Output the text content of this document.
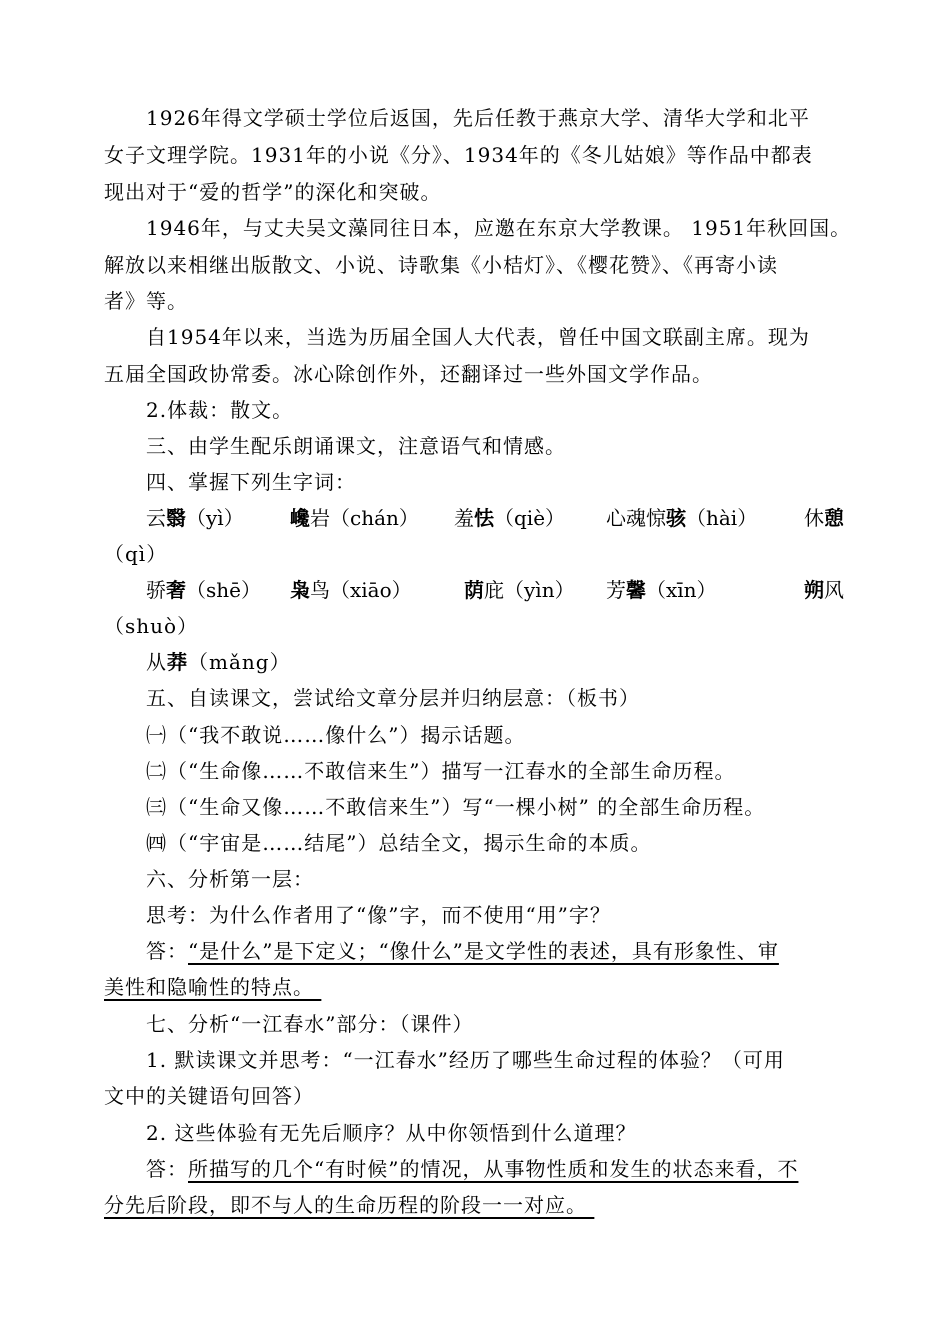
1926年得文学硕士学位后返国，先后任教于燕京大学、清华大学和北平
女子文理学院。1931年的小说《分》、1934年的《冬儿姑娘》等作品中都表
现出对于“爱的哲学”的深化和突破。
1946年，与丈夫吴文藻同往日本，应邀在东京大学教课。 1951年秋回国。
解放以来相继出版散文、小说、诗歌集《小桔灯》、《樱花赞》、《再寄小读
者》等。
自1954年以来，当选为历届全国人大代表，曾任中国文联副主席。现为
五届全国政协常委。冰心除创作外，还翻译过一些外国文学作品。
2.体裁：散文。
三、由学生配乐朗诵课文，注意语气和情感。
四、掌握下列生字词：
云翳（yì） 巉岩（chán） 羞怯（qiè） 心魂惊骇（hài） 休憩
（qì）
骄奢（shē） 枭鸟（xiāo）	荫庇（yìn） 芳馨（xīn）	朔风
（shuò）
从莽（mǎng）
五、自读课文，尝试给文章分层并归纳层意：（板书）
㈠（“我不敢说……像什么”）揭示话题。
㈡（“生命像……不敢信来生”）描写一江春水的全部生命历程。
㈢（“生命又像……不敢信来生”）写“一棵小树” 的全部生命历程。
㈣（“宇宙是……结尾”）总结全文，揭示生命的本质。
六、分析第一层：
思考：为什么作者用了“像”字，而不使用“用”字？
答：“是什么”是下定义；“像什么”是文学性的表述，具有形象性、审
美性和隐喻性的特点。
七、分析“一江春水”部分：（课件）
1. 默读课文并思考：“一江春水”经历了哪些生命过程的体验？（可用
文中的关键语句回答）
2. 这些体验有无先后顺序？从中你领悟到什么道理？
答：所描写的几个“有时候”的情况，从事物性质和发生的状态来看，不
分先后阶段，即不与人的生命历程的阶段一一对应。
